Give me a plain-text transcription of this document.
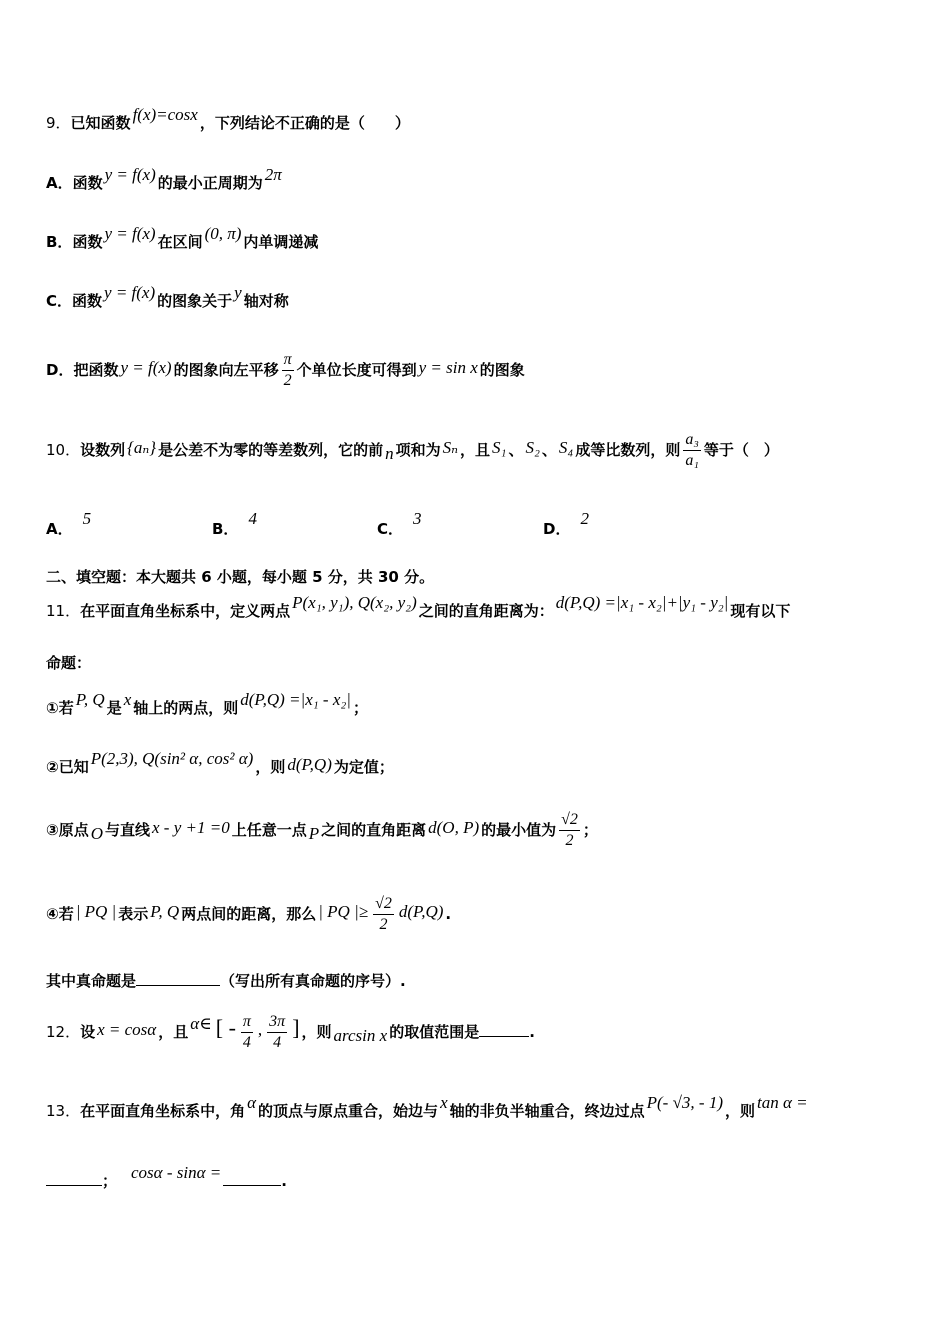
9．已知函数 f(x)=cosx ，下列结论不正确的是（　　）
A．函数 y = f(x) 的最小正周期为 2π
B．函数 y = f(x) 在区间 (0, π) 内单调递减
C．函数 y = f(x) 的图象关于 y 轴对称
D．把函数 y = f(x) 的图象向左平移 $\frac{\pi}{2}$ 个单位长度可得到 y = sin x 的图象
10．设数列 {aₙ} 是公差不为零的等差数列，它的前 n 项和为 Sₙ ，且 S₁ 、 S₂ 、 S₄ 成等比数列，则 $\frac{\text{a₃}}{\text{a₁}}$ 等于（　）
A．5
B．4
C．3
D．2
二、填空题：本大题共 6 小题，每小题 5 分，共 30 分。
11．在平面直角坐标系中，定义两点 P(x₁, y₁), Q(x₂, y₂) 之间的直角距离为： d(P,Q) =|x₁ - x₂|+|y₁ - y₂| 现有以下
命题：
①若 P, Q 是 x 轴上的两点，则 d(P,Q) =|x₁ - x₂| ；
②已知 P(2,3), Q(sin² α, cos² α) ，则 d(P,Q) 为定值；
③原点 O 与直线 x - y +1 =0 上任意一点 P 之间的直角距离 d(O, P) 的最小值为 $\frac{√2}{2}$ ；
④若 | PQ | 表示 P, Q 两点间的距离，那么 | PQ |≥ $\frac{√2}{2} d(P,Q)$ .
其中真命题是	（写出所有真命题的序号）.
12．设 x = cosα ，且 α∈ [ - $\frac{\pi}{4}$ , $\frac{3\pi}{4}$ ] ，则 arcsin x 的取值范围是	.
13．在平面直角坐标系中，角 α 的顶点与原点重合，始边与 x 轴的非负半轴重合，终边过点 P(- √3, - 1) ，则 tan α =
； cosα - sinα =	.
